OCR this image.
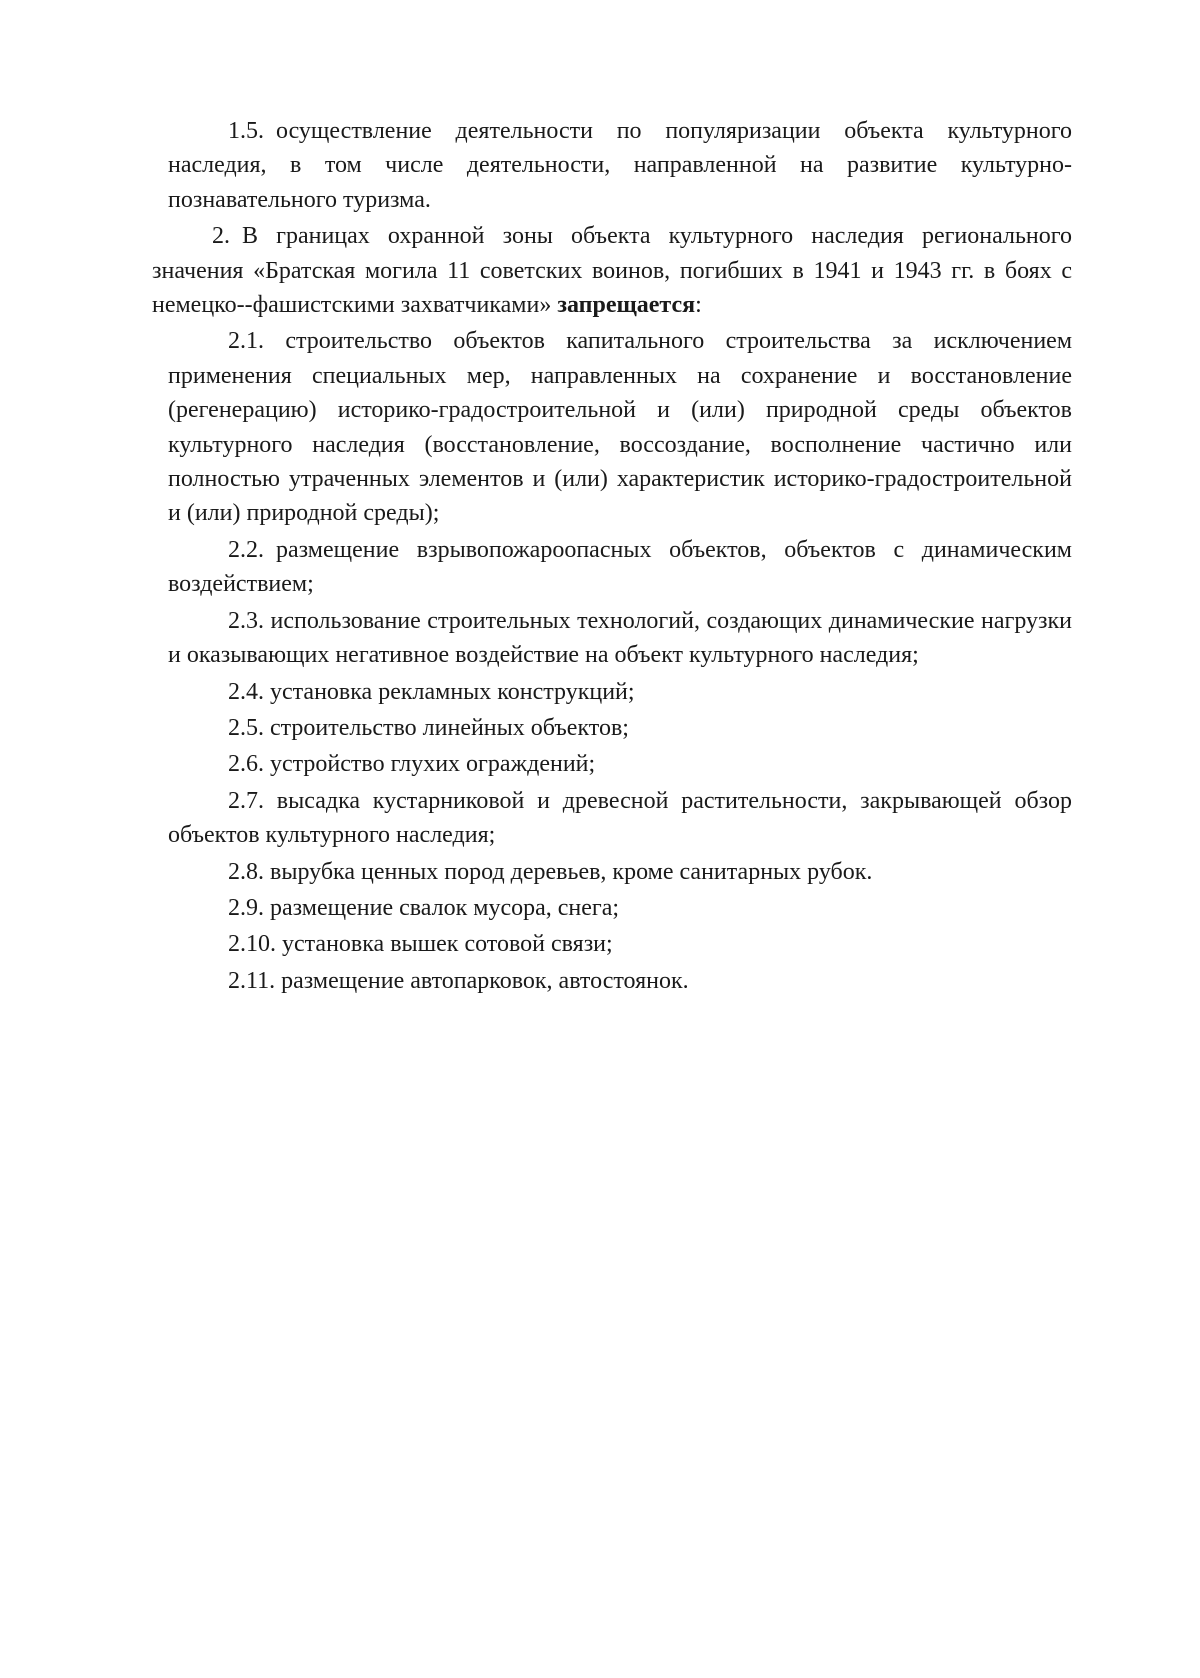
1.5. осуществление деятельности по популяризации объекта культурного наследия, в том числе деятельности, направленной на развитие культурно-познавательного туризма.

2. В границах охранной зоны объекта культурного наследия регионального значения «Братская могила 11 советских воинов, погибших в 1941 и 1943 гг. в боях с немецко--фашистскими захватчиками» запрещается:

2.1. строительство объектов капитального строительства за исключением применения специальных мер, направленных на сохранение и восстановление (регенерацию) историко-градостроительной и (или) природной среды объектов культурного наследия (восстановление, воссоздание, восполнение частично или полностью утраченных элементов и (или) характеристик историко-градостроительной и (или) природной среды);

2.2. размещение взрывопожароопасных объектов, объектов с динамическим воздействием;

2.3. использование строительных технологий, создающих динамические нагрузки и оказывающих негативное воздействие на объект культурного наследия;

2.4. установка рекламных конструкций;

2.5. строительство линейных объектов;

2.6. устройство глухих ограждений;

2.7. высадка кустарниковой и древесной растительности, закрывающей обзор объектов культурного наследия;

2.8. вырубка ценных пород деревьев, кроме санитарных рубок.

2.9. размещение свалок мусора, снега;

2.10. установка вышек сотовой связи;

2.11. размещение автопарковок, автостоянок.
